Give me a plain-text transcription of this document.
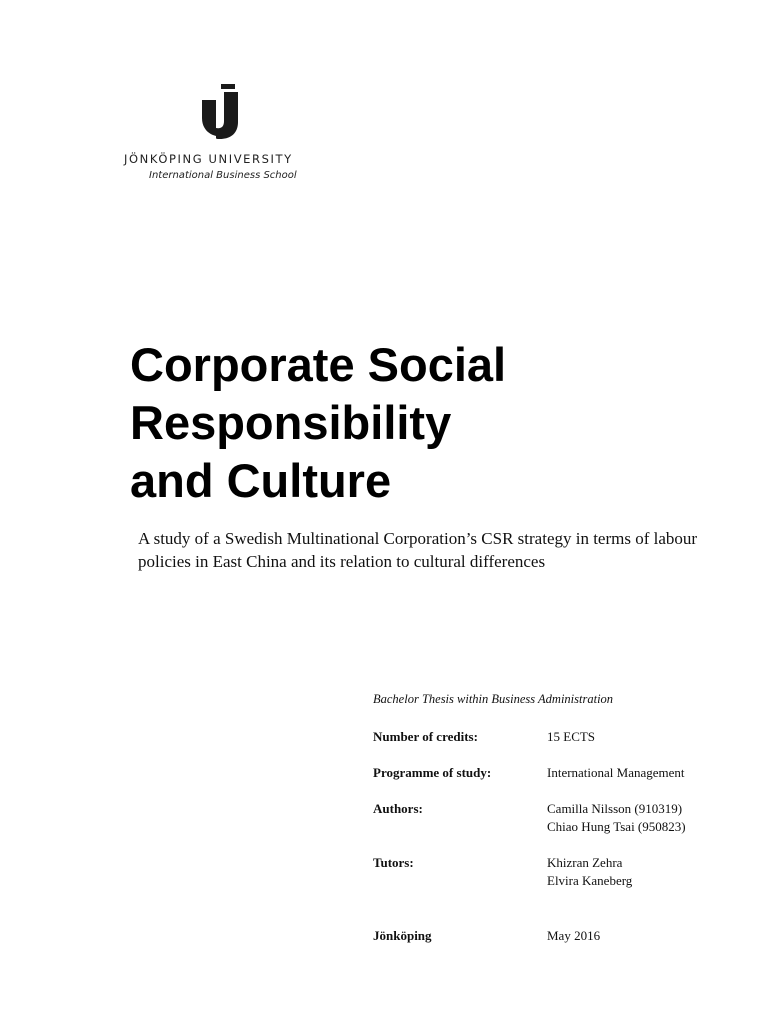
JÖNKÖPING UNIVERSITY
International Business School
Corporate Social
Responsibility
and Culture

A study of a Swedish Multinational Corporation’s CSR strategy in terms of labour policies in East China and its relation to cultural differences

Bachelor Thesis within Business Administration
Number of credits:	15 ECTS
Programme of study:	International Management
Authors:	Camilla Nilsson (910319)
Chiao Hung Tsai (950823)
Tutors:	Khizran Zehra
Elvira Kaneberg
Jönköping	May 2016
